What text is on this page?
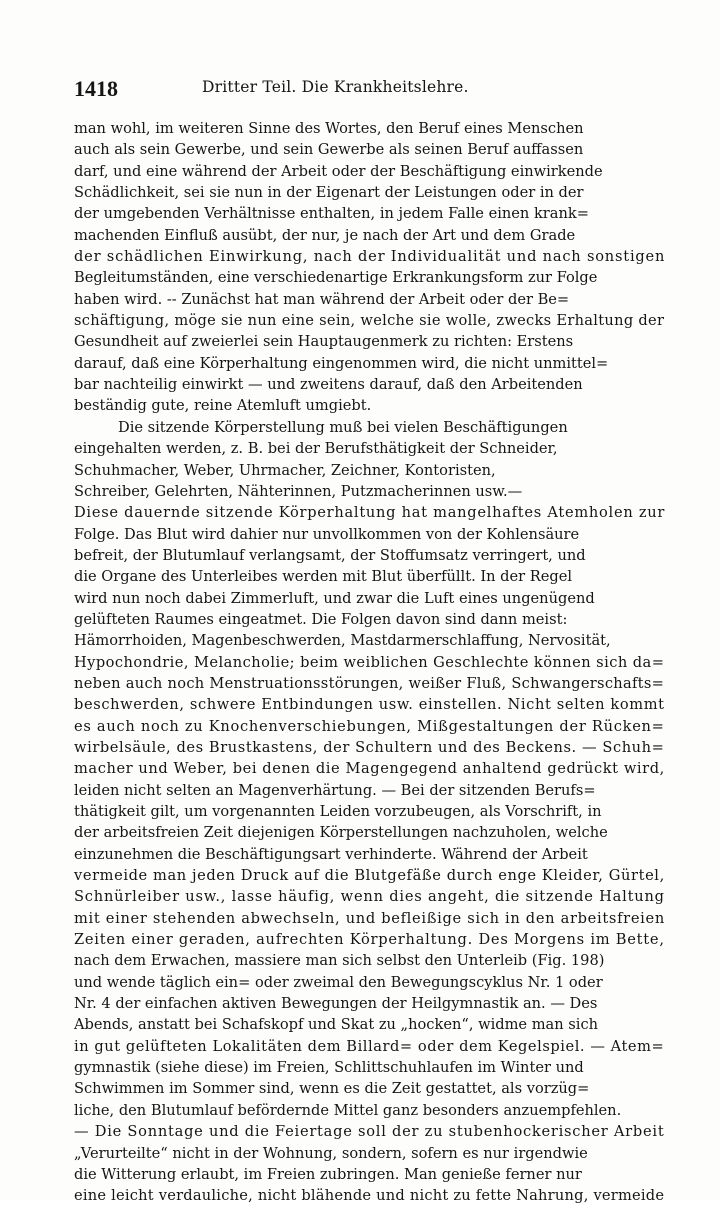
1418	Dritter Teil. Die Krankheitslehre.
man wohl, im weiteren Sinne des Wortes, den Beruf eines Menschen
auch als sein Gewerbe, und sein Gewerbe als seinen Beruf auffassen
darf, und eine während der Arbeit oder der Beschäftigung einwirkende
Schädlichkeit, sei sie nun in der Eigenart der Leistungen oder in der
der umgebenden Verhältnisse enthalten, in jedem Falle einen krank=
machenden Einfluß ausübt, der nur, je nach der Art und dem Grade
der schädlichen Einwirkung, nach der Individualität und nach sonstigen
Begleitumständen, eine verschiedenartige Erkrankungsform zur Folge
haben wird. -- Zunächst hat man während der Arbeit oder der Be=
schäftigung, möge sie nun eine sein, welche sie wolle, zwecks Erhaltung der
Gesundheit auf zweierlei sein Hauptaugenmerk zu richten: Erstens
darauf, daß eine Körperhaltung eingenommen wird, die nicht unmittel=
bar nachteilig einwirkt — und zweitens darauf, daß den Arbeitenden
beständig gute, reine Atemluft umgiebt.
Die sitzende Körperstellung muß bei vielen Beschäftigungen
eingehalten werden, z. B. bei der Berufsthätigkeit der Schneider,
Schuhmacher, Weber, Uhrmacher, Zeichner, Kontoristen,
Schreiber, Gelehrten, Nähterinnen, Putzmacherinnen usw.—
Diese dauernde sitzende Körperhaltung hat mangelhaftes Atemholen zur
Folge. Das Blut wird dahier nur unvollkommen von der Kohlensäure
befreit, der Blutumlauf verlangsamt, der Stoffumsatz verringert, und
die Organe des Unterleibes werden mit Blut überfüllt. In der Regel
wird nun noch dabei Zimmerluft, und zwar die Luft eines ungenügend
gelüfteten Raumes eingeatmet. Die Folgen davon sind dann meist:
Hämorrhoiden, Magenbeschwerden, Mastdarmerschlaffung, Nervosität,
Hypochondrie, Melancholie; beim weiblichen Geschlechte können sich da=
neben auch noch Menstruationsstörungen, weißer Fluß, Schwangerschafts=
beschwerden, schwere Entbindungen usw. einstellen. Nicht selten kommt
es auch noch zu Knochenverschiebungen, Mißgestaltungen der Rücken=
wirbelsäule, des Brustkastens, der Schultern und des Beckens. — Schuh=
macher und Weber, bei denen die Magengegend anhaltend gedrückt wird,
leiden nicht selten an Magenverhärtung. — Bei der sitzenden Berufs=
thätigkeit gilt, um vorgenannten Leiden vorzubeugen, als Vorschrift, in
der arbeitsfreien Zeit diejenigen Körperstellungen nachzuholen, welche
einzunehmen die Beschäftigungsart verhinderte. Während der Arbeit
vermeide man jeden Druck auf die Blutgefäße durch enge Kleider, Gürtel,
Schnürleiber usw., lasse häufig, wenn dies angeht, die sitzende Haltung
mit einer stehenden abwechseln, und befleißige sich in den arbeitsfreien
Zeiten einer geraden, aufrechten Körperhaltung. Des Morgens im Bette,
nach dem Erwachen, massiere man sich selbst den Unterleib (Fig. 198)
und wende täglich ein= oder zweimal den Bewegungscyklus Nr. 1 oder
Nr. 4 der einfachen aktiven Bewegungen der Heilgymnastik an. — Des
Abends, anstatt bei Schafskopf und Skat zu „hocken“, widme man sich
in gut gelüfteten Lokalitäten dem Billard= oder dem Kegelspiel. — Atem=
gymnastik (siehe diese) im Freien, Schlittschuhlaufen im Winter und
Schwimmen im Sommer sind, wenn es die Zeit gestattet, als vorzüg=
liche, den Blutumlauf befördernde Mittel ganz besonders anzuempfehlen.
— Die Sonntage und die Feiertage soll der zu stubenhockerischer Arbeit
„Verurteilte“ nicht in der Wohnung, sondern, sofern es nur irgendwie
die Witterung erlaubt, im Freien zubringen. Man genieße ferner nur
eine leicht verdauliche, nicht blähende und nicht zu fette Nahrung, vermeide
